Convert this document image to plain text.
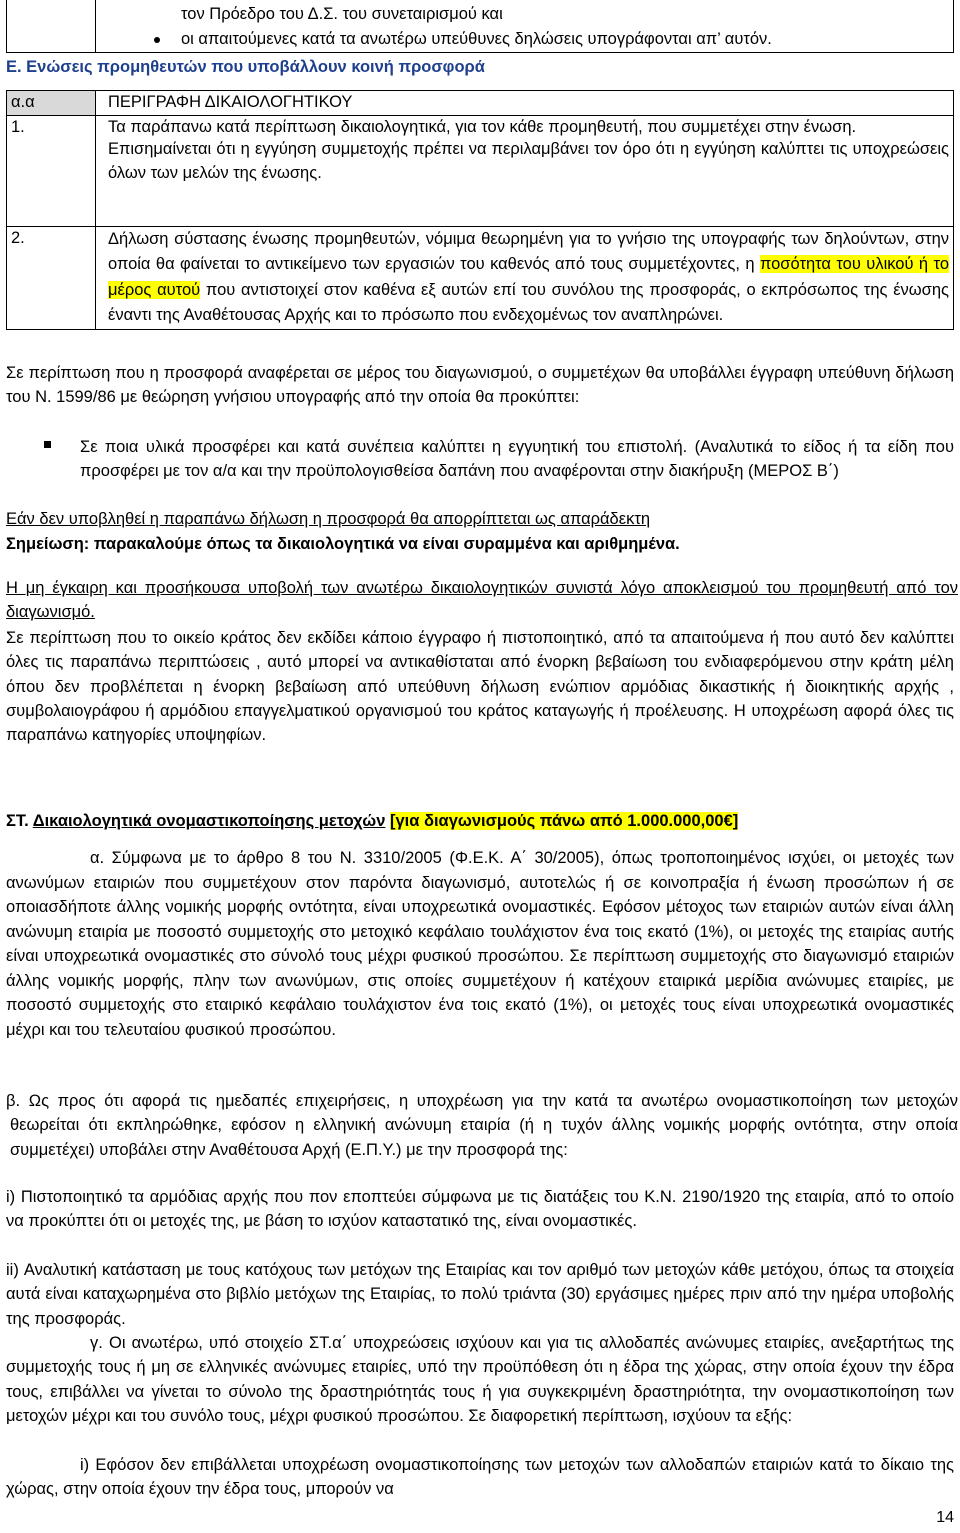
τον Πρόεδρο του Δ.Σ. του συνεταιρισμού και
οι απαιτούμενες κατά τα ανωτέρω υπεύθυνες δηλώσεις υπογράφονται απ’ αυτόν.
Ε. Ενώσεις προμηθευτών που υποβάλλουν κοινή προσφορά
α.α	ΠΕΡΙΓΡΑΦΗ ΔΙΚΑΙΟΛΟΓΗΤΙΚΟΥ
1.	Τα παράπανω κατά περίπτωση δικαιολογητικά, για τον κάθε προμηθευτή, που συμμετέχει στην ένωση.
Επισημαίνεται ότι η εγγύηση συμμετοχής πρέπει να περιλαμβάνει τον όρο ότι η εγγύηση καλύπτει τις υποχρεώσεις όλων των μελών της ένωσης.

2.	Δήλωση σύστασης ένωσης προμηθευτών, νόμιμα θεωρημένη για το γνήσιο της υπογραφής των δηλούντων, στην οποία θα φαίνεται το αντικείμενο των εργασιών του καθενός από τους συμμετέχοντες, η ποσότητα του υλικού ή το μέρος αυτού που αντιστοιχεί στον καθένα εξ αυτών επί του συνόλου της προσφοράς, ο εκπρόσωπος της ένωσης έναντι της Αναθέτουσας Αρχής και το πρόσωπο που ενδεχομένως τον αναπληρώνει.
Σε περίπτωση που η προσφορά αναφέρεται σε μέρος του διαγωνισμού, ο συμμετέχων θα υποβάλλει έγγραφη υπεύθυνη δήλωση του Ν. 1599/86 με θεώρηση γνήσιου υπογραφής από την οποία θα προκύπτει:
Σε ποια υλικά προσφέρει και κατά συνέπεια καλύπτει η εγγυητική του επιστολή. (Αναλυτικά το είδος ή τα είδη που προσφέρει με τον α/α και την προϋπολογισθείσα δαπάνη που αναφέρονται στην διακήρυξη (ΜΕΡΟΣ Β΄)
Εάν δεν υποβληθεί η παραπάνω δήλωση η προσφορά θα απορρίπτεται ως απαράδεκτη
Σημείωση: παρακαλούμε όπως τα δικαιολογητικά να είναι συραμμένα και αριθμημένα.
Η μη έγκαιρη και προσήκουσα υποβολή των ανωτέρω δικαιολογητικών συνιστά λόγο αποκλεισμού του προμηθευτή από τον διαγωνισμό.
Σε περίπτωση που το οικείο κράτος δεν εκδίδει κάποιο έγγραφο ή πιστοποιητικό, από τα απαιτούμενα ή που αυτό δεν καλύπτει όλες τις παραπάνω περιπτώσεις , αυτό μπορεί να αντικαθίσταται από ένορκη βεβαίωση του ενδιαφερόμενου στην κράτη μέλη όπου δεν προβλέπεται η ένορκη βεβαίωση από υπεύθυνη δήλωση ενώπιον αρμόδιας δικαστικής ή διοικητικής αρχής , συμβολαιογράφου ή αρμόδιου επαγγελματικού οργανισμού του κράτος καταγωγής ή προέλευσης. Η υποχρέωση αφορά όλες τις παραπάνω κατηγορίες υποψηφίων.
ΣΤ. Δικαιολογητικά ονομαστικοποίησης μετοχών [για διαγωνισμούς πάνω από 1.000.000,00€]
α. Σύμφωνα με το άρθρο 8 του Ν. 3310/2005 (Φ.Ε.Κ. Α΄ 30/2005), όπως τροποποιημένος ισχύει, οι μετοχές των ανωνύμων εταιριών που συμμετέχουν στον παρόντα διαγωνισμό, αυτοτελώς ή σε κοινοπραξία ή ένωση προσώπων ή σε οποιασδήποτε άλλης νομικής μορφής οντότητα, είναι υποχρεωτικά ονομαστικές. Εφόσον μέτοχος των εταιριών αυτών είναι άλλη ανώνυμη εταιρία με ποσοστό συμμετοχής στο μετοχικό κεφάλαιο τουλάχιστον ένα τοις εκατό (1%), οι μετοχές της εταιρίας αυτής είναι υποχρεωτικά ονομαστικές στο σύνολό τους μέχρι φυσικού προσώπου. Σε περίπτωση συμμετοχής στο διαγωνισμό εταιριών άλλης νομικής μορφής, πλην των ανωνύμων, στις οποίες συμμετέχουν ή κατέχουν εταιρικά μερίδια ανώνυμες εταιρίες, με ποσοστό συμμετοχής στο εταιρικό κεφάλαιο τουλάχιστον ένα τοις εκατό (1%), οι μετοχές τους είναι υποχρεωτικά ονομαστικές μέχρι και του τελευταίου φυσικού προσώπου.
β. Ως προς ότι αφορά τις ημεδαπές επιχειρήσεις, η υποχρέωση για την κατά τα ανωτέρω ονομαστικοποίηση των μετοχών θεωρείται ότι εκπληρώθηκε, εφόσον η ελληνική ανώνυμη εταιρία (ή η τυχόν άλλης νομικής μορφής οντότητα, στην οποία συμμετέχει) υποβάλει στην Αναθέτουσα Αρχή (Ε.Π.Υ.) με την προσφορά της:
i) Πιστοποιητικό τα αρμόδιας αρχής που πον εποπτεύει σύμφωνα με τις διατάξεις του Κ.Ν. 2190/1920 της εταιρία, από το οποίο να προκύπτει ότι οι μετοχές της, με βάση το ισχύον καταστατικό της, είναι ονομαστικές.
ii) Αναλυτική κατάσταση με τους κατόχους των μετόχων της Εταιρίας και τον αριθμό των μετοχών κάθε μετόχου, όπως τα στοιχεία αυτά είναι καταχωρημένα στο βιβλίο μετόχων της Εταιρίας, το πολύ τριάντα (30) εργάσιμες ημέρες πριν από την ημέρα υποβολής της προσφοράς.
γ. Οι ανωτέρω, υπό στοιχείο ΣΤ.α΄ υποχρεώσεις ισχύουν και για τις αλλοδαπές ανώνυμες εταιρίες, ανεξαρτήτως της συμμετοχής τους ή μη σε ελληνικές ανώνυμες εταιρίες, υπό την προϋπόθεση ότι η έδρα της χώρας, στην οποία έχουν την έδρα τους, επιβάλλει να γίνεται το σύνολο της δραστηριότητάς τους ή για συγκεκριμένη δραστηριότητα, την ονομαστικοποίηση των μετοχών μέχρι και του συνόλο τους, μέχρι φυσικού προσώπου. Σε διαφορετική περίπτωση, ισχύουν τα εξής:
i) Εφόσον δεν επιβάλλεται υποχρέωση ονομαστικοποίησης των μετοχών των αλλοδαπών εταιριών κατά το δίκαιο της χώρας, στην οποία έχουν την έδρα τους, μπορούν να
14
